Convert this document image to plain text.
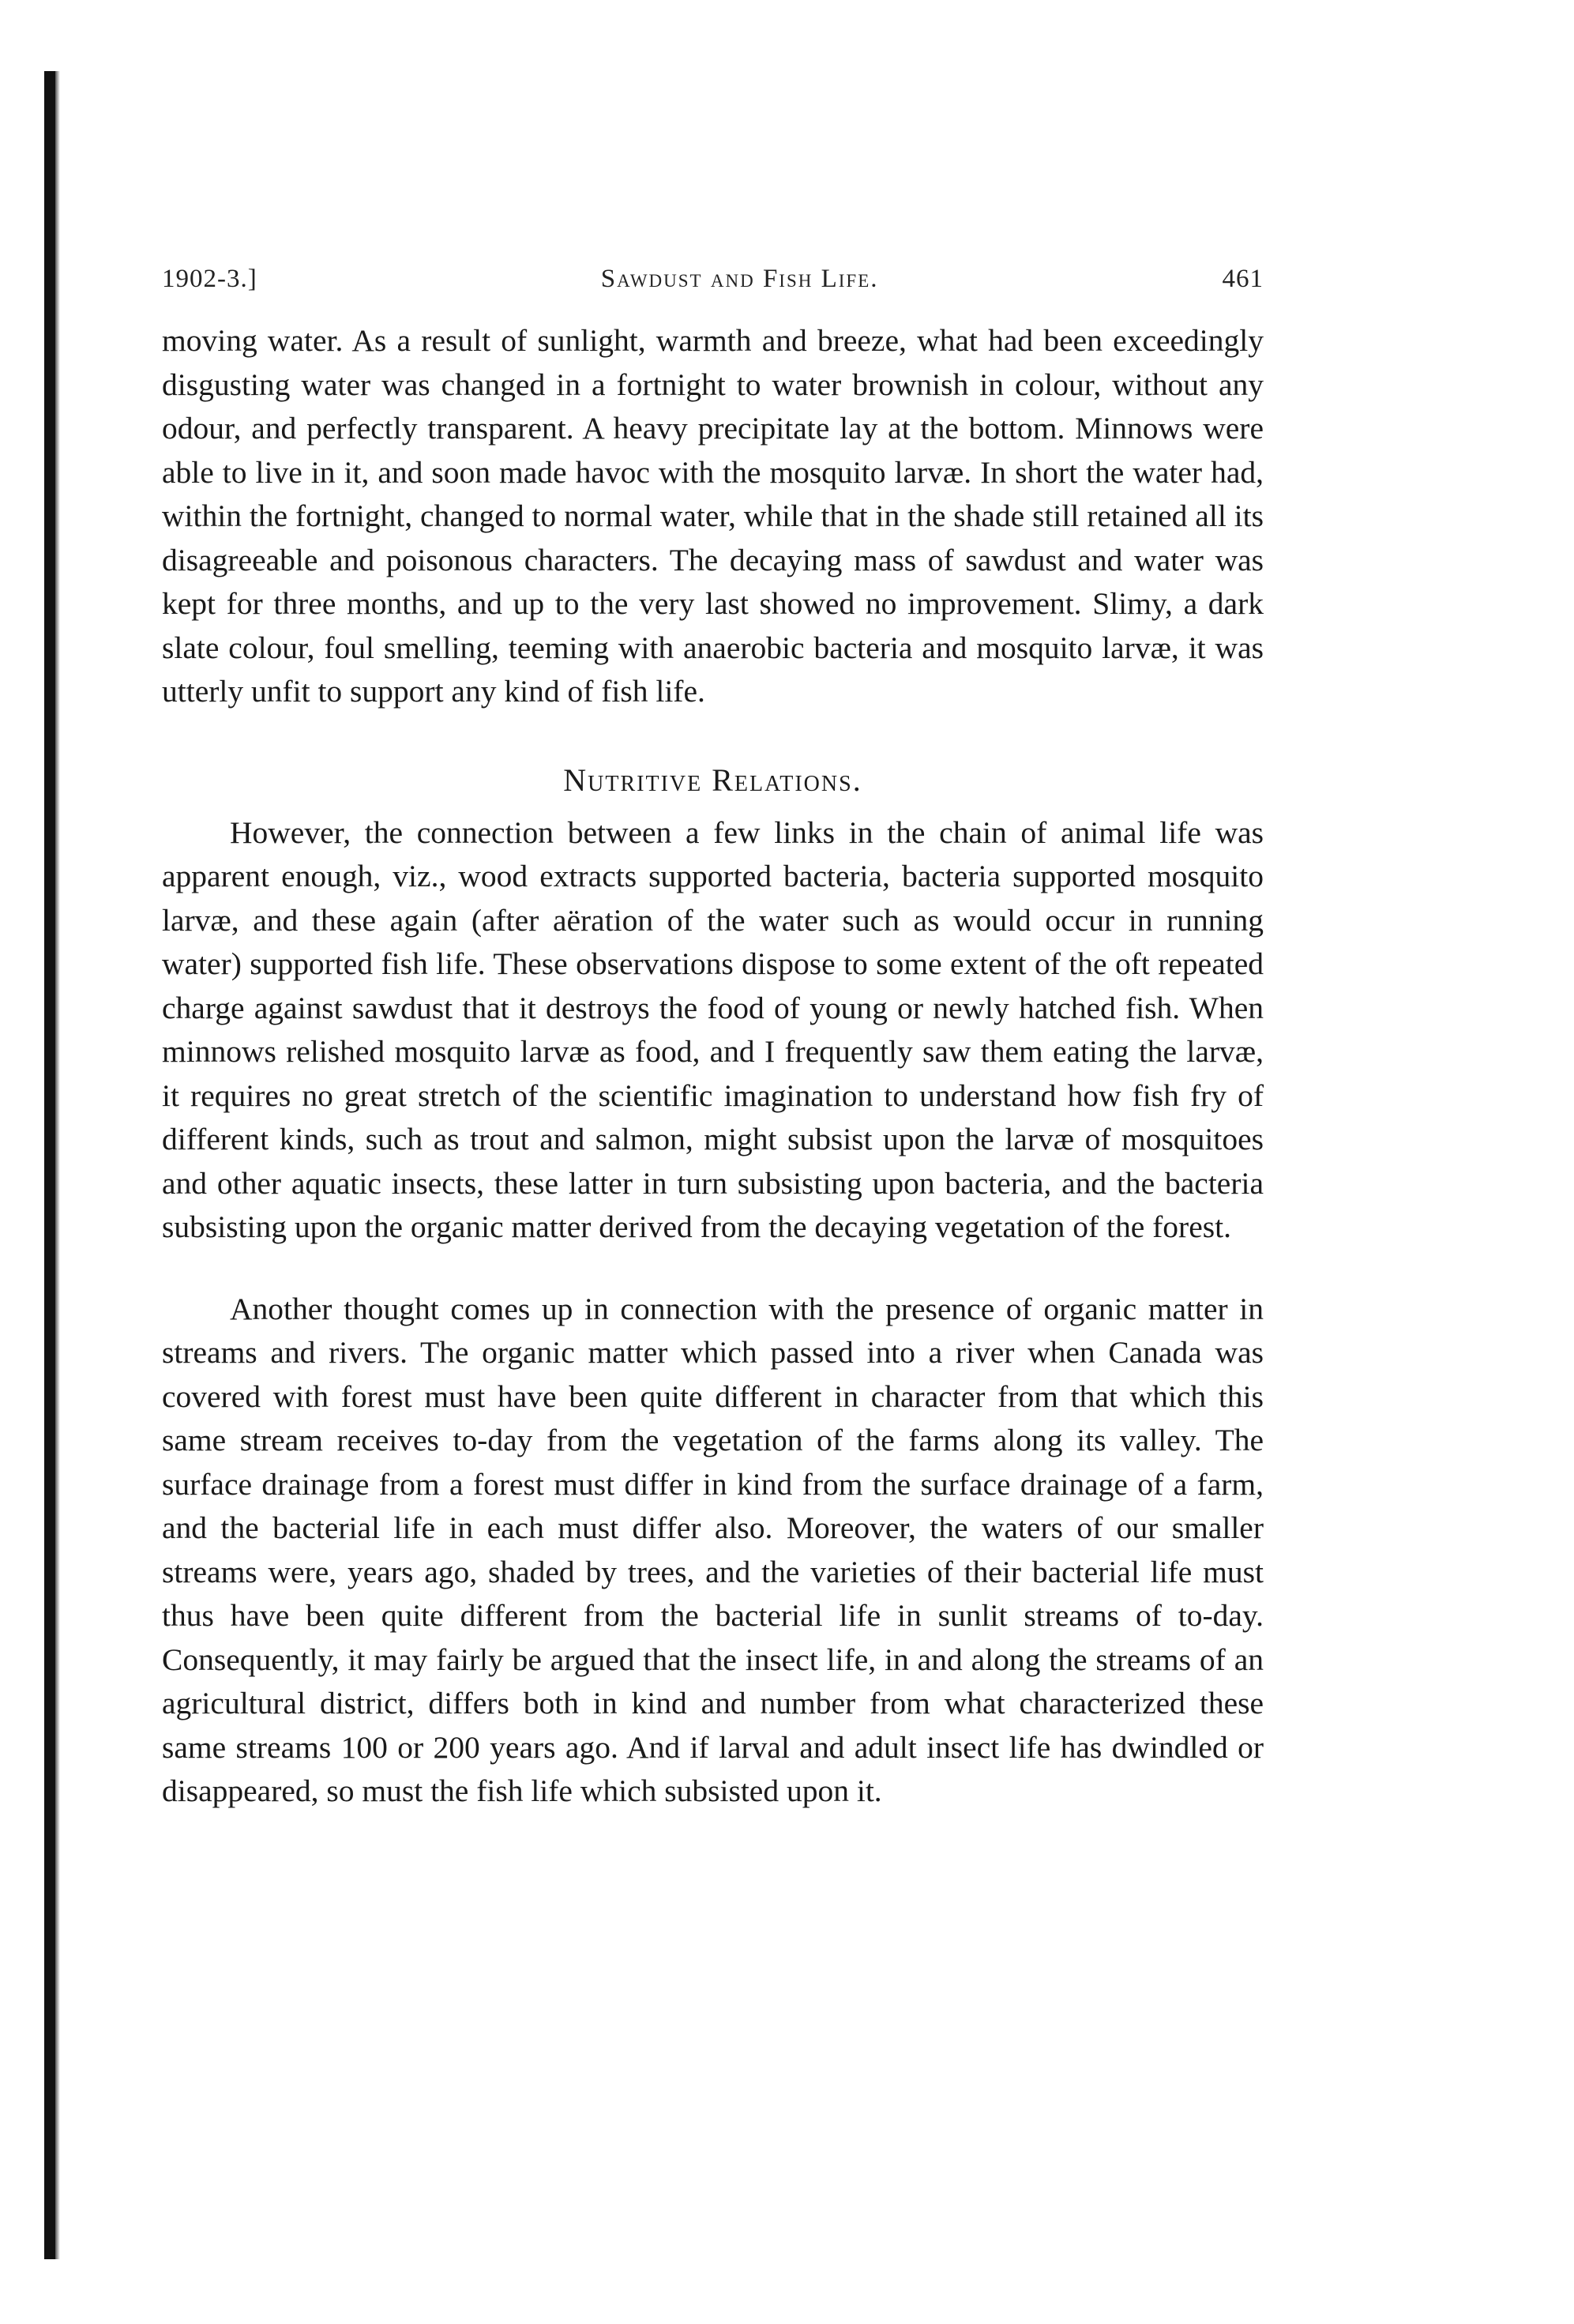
1902-3.]	Sawdust and Fish Life.	461

moving water. As a result of sunlight, warmth and breeze, what had been exceedingly disgusting water was changed in a fortnight to water brownish in colour, without any odour, and perfectly transparent. A heavy precipitate lay at the bottom. Minnows were able to live in it, and soon made havoc with the mosquito larvæ. In short the water had, within the fortnight, changed to normal water, while that in the shade still retained all its disagreeable and poisonous characters. The decaying mass of sawdust and water was kept for three months, and up to the very last showed no improvement. Slimy, a dark slate colour, foul smelling, teeming with anaerobic bacteria and mosquito larvæ, it was utterly unfit to support any kind of fish life.

Nutritive Relations.

However, the connection between a few links in the chain of animal life was apparent enough, viz., wood extracts supported bacteria, bacteria supported mosquito larvæ, and these again (after aëration of the water such as would occur in running water) supported fish life. These observations dispose to some extent of the oft repeated charge against sawdust that it destroys the food of young or newly hatched fish. When minnows relished mosquito larvæ as food, and I frequently saw them eating the larvæ, it requires no great stretch of the scientific imagination to understand how fish fry of different kinds, such as trout and salmon, might subsist upon the larvæ of mosquitoes and other aquatic insects, these latter in turn subsisting upon bacteria, and the bacteria subsisting upon the organic matter derived from the decaying vegetation of the forest.

Another thought comes up in connection with the presence of organic matter in streams and rivers. The organic matter which passed into a river when Canada was covered with forest must have been quite different in character from that which this same stream receives to-day from the vegetation of the farms along its valley. The surface drainage from a forest must differ in kind from the surface drainage of a farm, and the bacterial life in each must differ also. Moreover, the waters of our smaller streams were, years ago, shaded by trees, and the varieties of their bacterial life must thus have been quite different from the bacterial life in sunlit streams of to-day. Consequently, it may fairly be argued that the insect life, in and along the streams of an agricultural district, differs both in kind and number from what characterized these same streams 100 or 200 years ago. And if larval and adult insect life has dwindled or disappeared, so must the fish life which subsisted upon it.
